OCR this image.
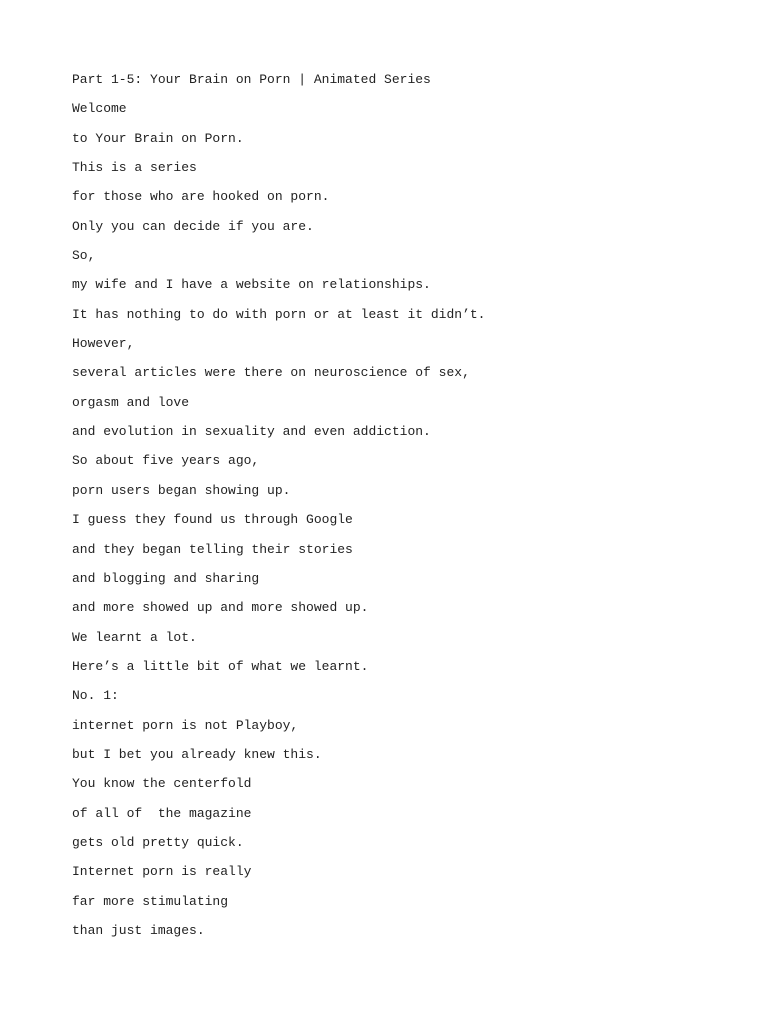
Part 1-5: Your Brain on Porn | Animated Series
Welcome
to Your Brain on Porn.
This is a series
for those who are hooked on porn.
Only you can decide if you are.
So,
my wife and I have a website on relationships.
It has nothing to do with porn or at least it didn’t.
However,
several articles were there on neuroscience of sex,
orgasm and love
and evolution in sexuality and even addiction.
So about five years ago,
porn users began showing up.
I guess they found us through Google
and they began telling their stories
and blogging and sharing
and more showed up and more showed up.
We learnt a lot.
Here’s a little bit of what we learnt.
No. 1:
internet porn is not Playboy,
but I bet you already knew this.
You know the centerfold
of all of  the magazine
gets old pretty quick.
Internet porn is really
far more stimulating
than just images.
